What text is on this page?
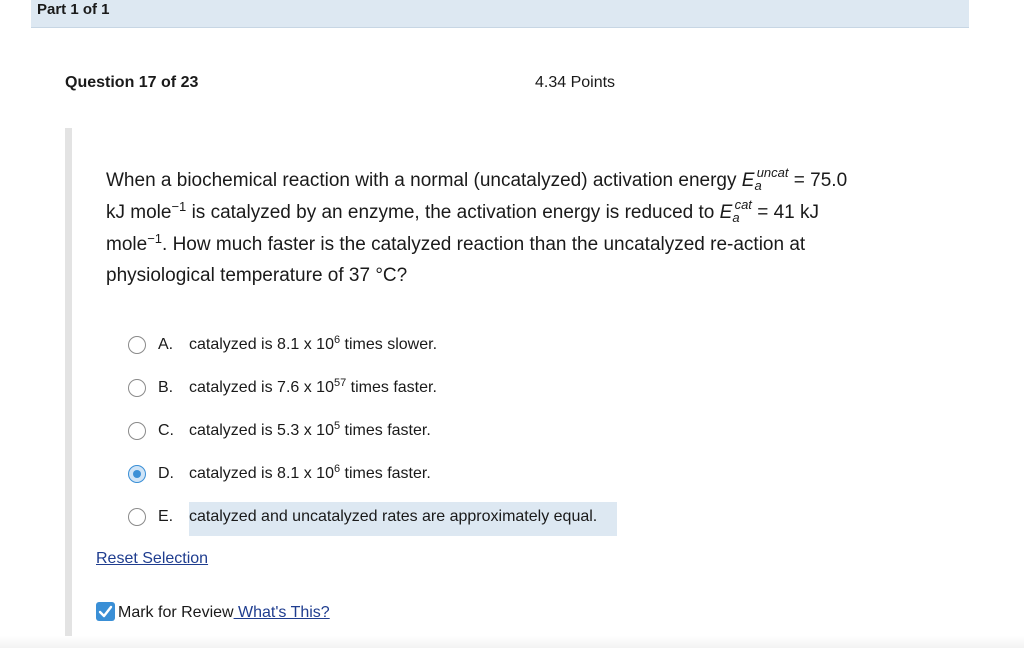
Part 1 of 1
Question 17 of 23	4.34 Points
When a biochemical reaction with a normal (uncatalyzed) activation energy $E_a^{uncat} = 75.0$
kJ mole$^{-1}$ is catalyzed by an enzyme, the activation energy is reduced to $E_a^{cat} = 41$ kJ
mole$^{-1}$. How much faster is the catalyzed reaction than the uncatalyzed re-action at
physiological temperature of 37 °C?
A. catalyzed is 8.1 x $10^6$ times slower.
B. catalyzed is 7.6 x $10^{57}$ times faster.
C. catalyzed is 5.3 x $10^5$ times faster.
D. catalyzed is 8.1 x $10^6$ times faster.
E. catalyzed and uncatalyzed rates are approximately equal.
Reset Selection
Mark for Review What's This?
